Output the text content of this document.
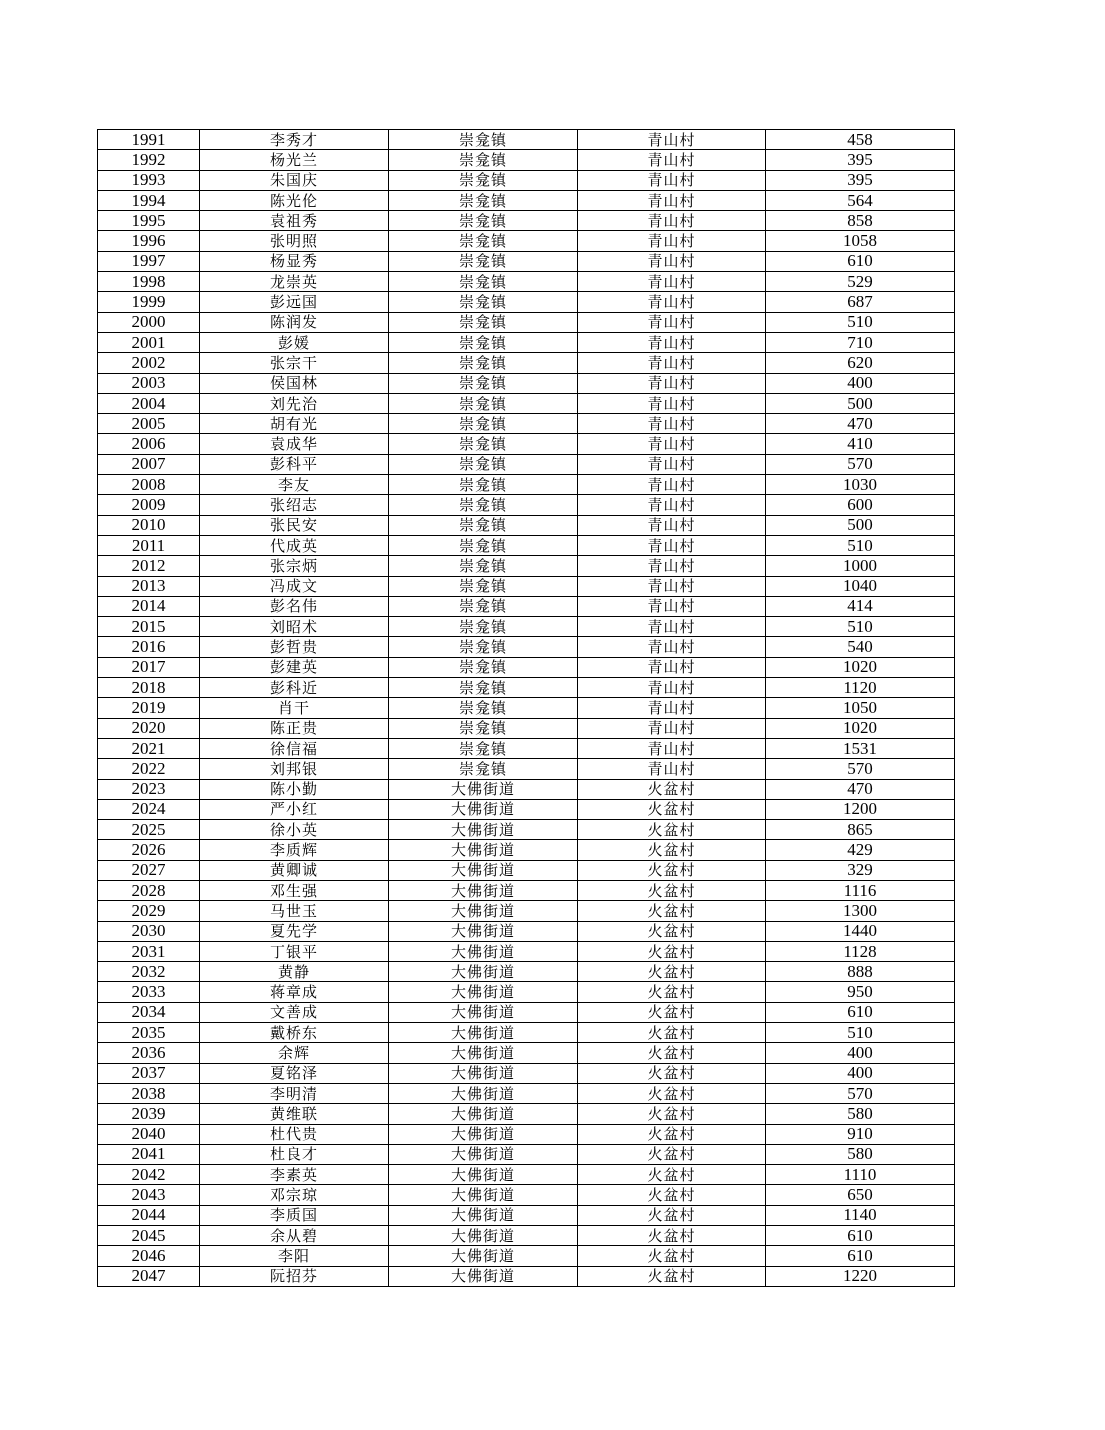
1991	李秀才	崇龛镇	青山村	458
1992	杨光兰	崇龛镇	青山村	395
1993	朱国庆	崇龛镇	青山村	395
1994	陈光伦	崇龛镇	青山村	564
1995	袁祖秀	崇龛镇	青山村	858
1996	张明照	崇龛镇	青山村	1058
1997	杨显秀	崇龛镇	青山村	610
1998	龙崇英	崇龛镇	青山村	529
1999	彭远国	崇龛镇	青山村	687
2000	陈润发	崇龛镇	青山村	510
2001	彭媛	崇龛镇	青山村	710
2002	张宗干	崇龛镇	青山村	620
2003	侯国林	崇龛镇	青山村	400
2004	刘先治	崇龛镇	青山村	500
2005	胡有光	崇龛镇	青山村	470
2006	袁成华	崇龛镇	青山村	410
2007	彭科平	崇龛镇	青山村	570
2008	李友	崇龛镇	青山村	1030
2009	张绍志	崇龛镇	青山村	600
2010	张民安	崇龛镇	青山村	500
2011	代成英	崇龛镇	青山村	510
2012	张宗炳	崇龛镇	青山村	1000
2013	冯成文	崇龛镇	青山村	1040
2014	彭名伟	崇龛镇	青山村	414
2015	刘昭术	崇龛镇	青山村	510
2016	彭哲贵	崇龛镇	青山村	540
2017	彭建英	崇龛镇	青山村	1020
2018	彭科近	崇龛镇	青山村	1120
2019	肖干	崇龛镇	青山村	1050
2020	陈正贵	崇龛镇	青山村	1020
2021	徐信福	崇龛镇	青山村	1531
2022	刘邦银	崇龛镇	青山村	570
2023	陈小勤	大佛街道	火盆村	470
2024	严小红	大佛街道	火盆村	1200
2025	徐小英	大佛街道	火盆村	865
2026	李质辉	大佛街道	火盆村	429
2027	黄卿诚	大佛街道	火盆村	329
2028	邓生强	大佛街道	火盆村	1116
2029	马世玉	大佛街道	火盆村	1300
2030	夏先学	大佛街道	火盆村	1440
2031	丁银平	大佛街道	火盆村	1128
2032	黄静	大佛街道	火盆村	888
2033	蒋章成	大佛街道	火盆村	950
2034	文善成	大佛街道	火盆村	610
2035	戴桥东	大佛街道	火盆村	510
2036	余辉	大佛街道	火盆村	400
2037	夏铭泽	大佛街道	火盆村	400
2038	李明清	大佛街道	火盆村	570
2039	黄维联	大佛街道	火盆村	580
2040	杜代贵	大佛街道	火盆村	910
2041	杜良才	大佛街道	火盆村	580
2042	李素英	大佛街道	火盆村	1110
2043	邓宗琼	大佛街道	火盆村	650
2044	李质国	大佛街道	火盆村	1140
2045	余从碧	大佛街道	火盆村	610
2046	李阳	大佛街道	火盆村	610
2047	阮招芬	大佛街道	火盆村	1220
